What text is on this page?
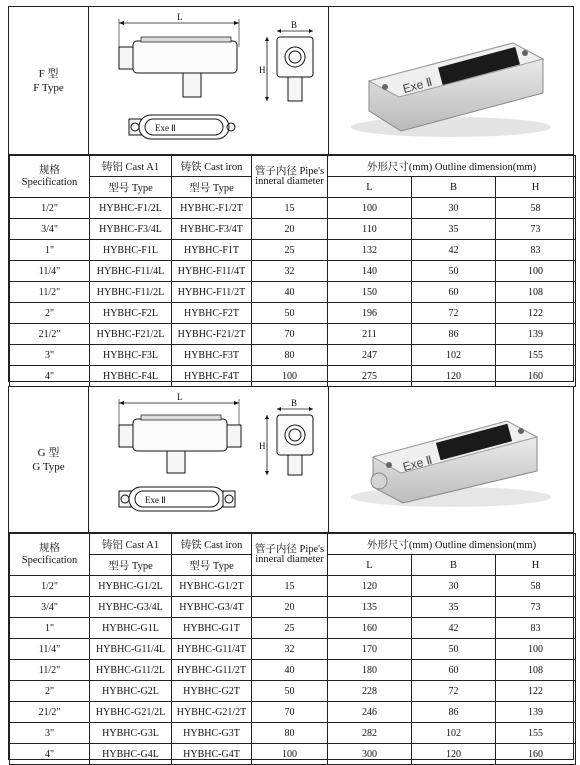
F 型
F Type
L
B
H
Exe Ⅱ
Exe Ⅱ
规格 Specification	铸铝 Cast A1	铸铁 Cast iron	管子内径 Pipe's inneral diameter	外形尺寸(mm) Outline dimension(mm)		
	型号 Type	型号 Type		L	B	H
1/2"	HYBHC-F1/2L	HYBHC-F1/2T	15	100	30	58
3/4"	HYBHC-F3/4L	HYBHC-F3/4T	20	110	35	73
1"	HYBHC-F1L	HYBHC-F1T	25	132	42	83
11/4"	HYBHC-F11/4L	HYBHC-F11/4T	32	140	50	100
11/2"	HYBHC-F11/2L	HYBHC-F11/2T	40	150	60	108
2"	HYBHC-F2L	HYBHC-F2T	50	196	72	122
21/2"	HYBHC-F21/2L	HYBHC-F21/2T	70	211	86	139
3"	HYBHC-F3L	HYBHC-F3T	80	247	102	155
4"	HYBHC-F4L	HYBHC-F4T	100	275	120	160
G 型
G Type
L
B
H
Exe Ⅱ
Exe Ⅱ
规格 Specification	铸铝 Cast A1	铸铁 Cast iron	管子内径 Pipe's inneral diameter	外形尺寸(mm) Outline dimension(mm)		
	型号 Type	型号 Type		L	B	H
1/2"	HYBHC-G1/2L	HYBHC-G1/2T	15	120	30	58
3/4"	HYBHC-G3/4L	HYBHC-G3/4T	20	135	35	73
1"	HYBHC-G1L	HYBHC-G1T	25	160	42	83
11/4"	HYBHC-G11/4L	HYBHC-G11/4T	32	170	50	100
11/2"	HYBHC-G11/2L	HYBHC-G11/2T	40	180	60	108
2"	HYBHC-G2L	HYBHC-G2T	50	228	72	122
21/2"	HYBHC-G21/2L	HYBHC-G21/2T	70	246	86	139
3"	HYBHC-G3L	HYBHC-G3T	80	282	102	155
4"	HYBHC-G4L	HYBHC-G4T	100	300	120	160
